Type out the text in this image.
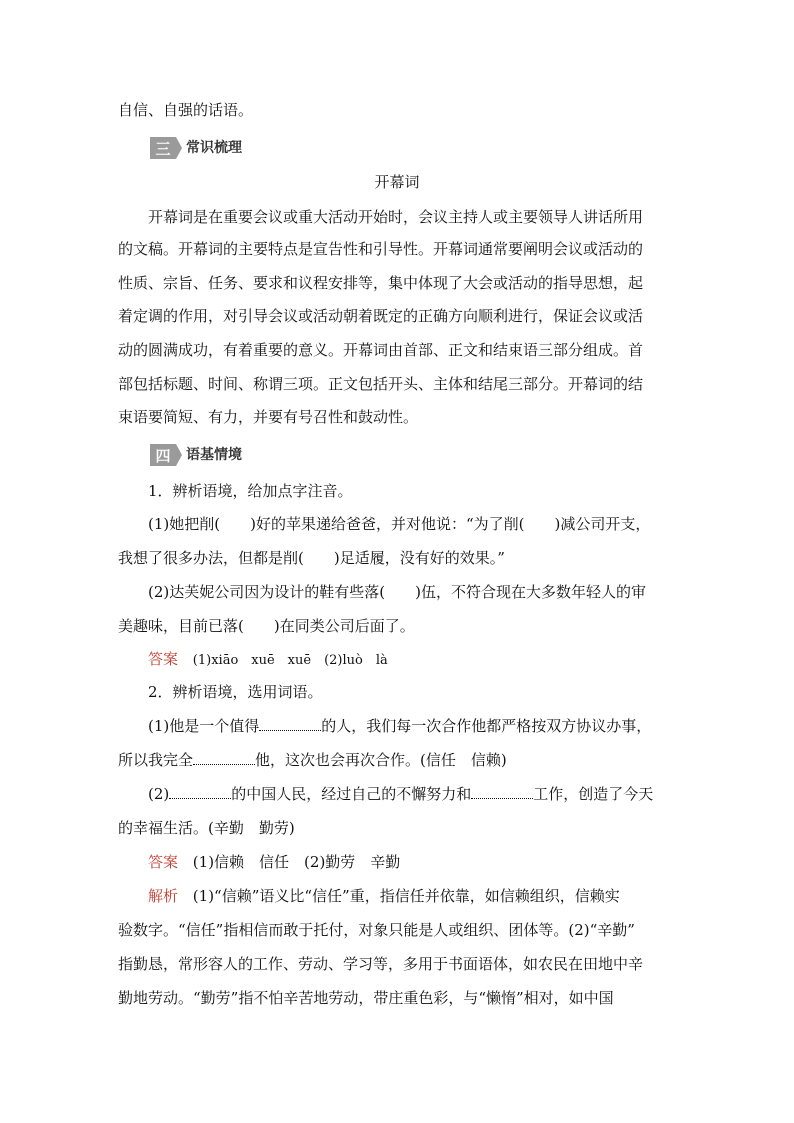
自信、自强的话语。
三	常识梳理
开幕词
开幕词是在重要会议或重大活动开始时，会议主持人或主要领导人讲话所用
的文稿。开幕词的主要特点是宣告性和引导性。开幕词通常要阐明会议或活动的
性质、宗旨、任务、要求和议程安排等，集中体现了大会或活动的指导思想，起
着定调的作用，对引导会议或活动朝着既定的正确方向顺利进行，保证会议或活
动的圆满成功，有着重要的意义。开幕词由首部、正文和结束语三部分组成。首
部包括标题、时间、称谓三项。正文包括开头、主体和结尾三部分。开幕词的结
束语要简短、有力，并要有号召性和鼓动性。
四	语基情境
1．辨析语境，给加点字注音。
(1)她把削(　　)好的苹果递给爸爸，并对他说：“为了削(　　)减公司开支，
我想了很多办法，但都是削(　　)足适履，没有好的效果。”
(2)达芙妮公司因为设计的鞋有些落(　　)伍，不符合现在大多数年轻人的审
美趣味，目前已落(　　)在同类公司后面了。
答案 (1)xiāo　xuē　xuē　(2)luò　là
2．辨析语境，选用词语。
(1)他是一个值得	的人，我们每一次合作他都严格按双方协议办事，
所以我完全	他，这次也会再次合作。(信任　信赖)
(2)	的中国人民，经过自己的不懈努力和	工作，创造了今天
的幸福生活。(辛勤　勤劳)
答案 (1)信赖　信任　(2)勤劳　辛勤
解析 (1)“信赖”语义比“信任”重，指信任并依靠，如信赖组织，信赖实
验数字。“信任”指相信而敢于托付，对象只能是人或组织、团体等。(2)“辛勤”
指勤恳，常形容人的工作、劳动、学习等，多用于书面语体，如农民在田地中辛
勤地劳动。“勤劳”指不怕辛苦地劳动，带庄重色彩，与“懒惰”相对，如中国
